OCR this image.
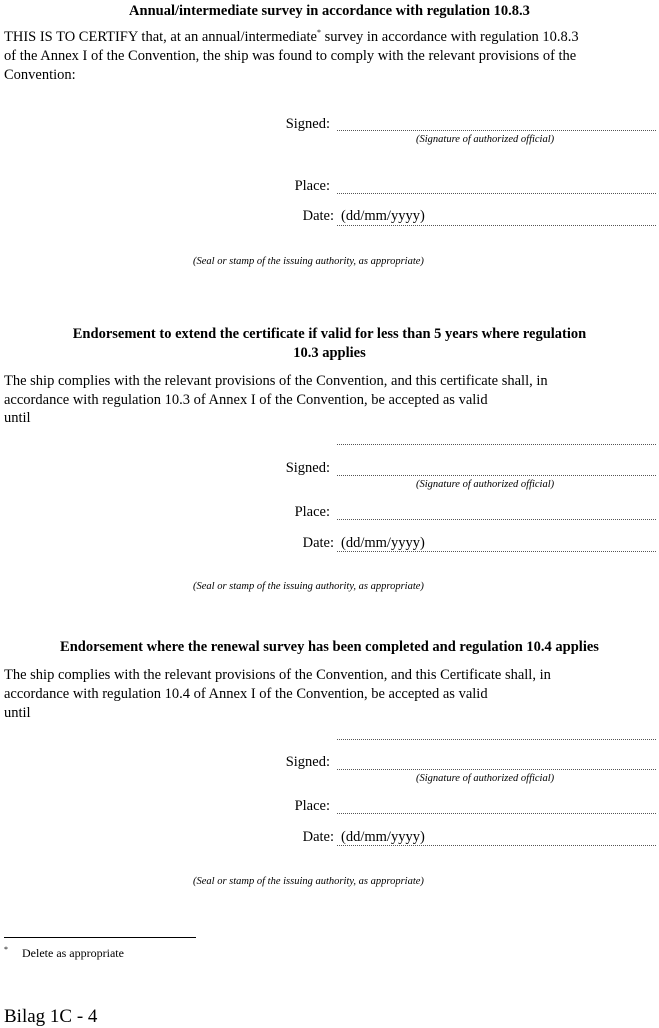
Annual/intermediate survey in accordance with regulation 10.8.3
THIS IS TO CERTIFY that, at an annual/intermediate* survey in accordance with regulation 10.8.3
of the Annex I of the Convention, the ship was found to comply with the relevant provisions of the
Convention:
Signed:
(Signature of authorized official)
Place:
Date: (dd/mm/yyyy)
(Seal or stamp of the issuing authority, as appropriate)
Endorsement to extend the certificate if valid for less than 5 years where regulation
10.3 applies
The ship complies with the relevant provisions of the Convention, and this certificate shall, in
accordance with regulation 10.3 of Annex I of the Convention, be accepted as valid
until
Signed:
(Signature of authorized official)
Place:
Date: (dd/mm/yyyy)
(Seal or stamp of the issuing authority, as appropriate)
Endorsement where the renewal survey has been completed and regulation 10.4 applies
The ship complies with the relevant provisions of the Convention, and this Certificate shall, in
accordance with regulation 10.4 of Annex I of the Convention, be accepted as valid
until
Signed:
(Signature of authorized official)
Place:
Date: (dd/mm/yyyy)
(Seal or stamp of the issuing authority, as appropriate)
* Delete as appropriate
Bilag 1C - 4
